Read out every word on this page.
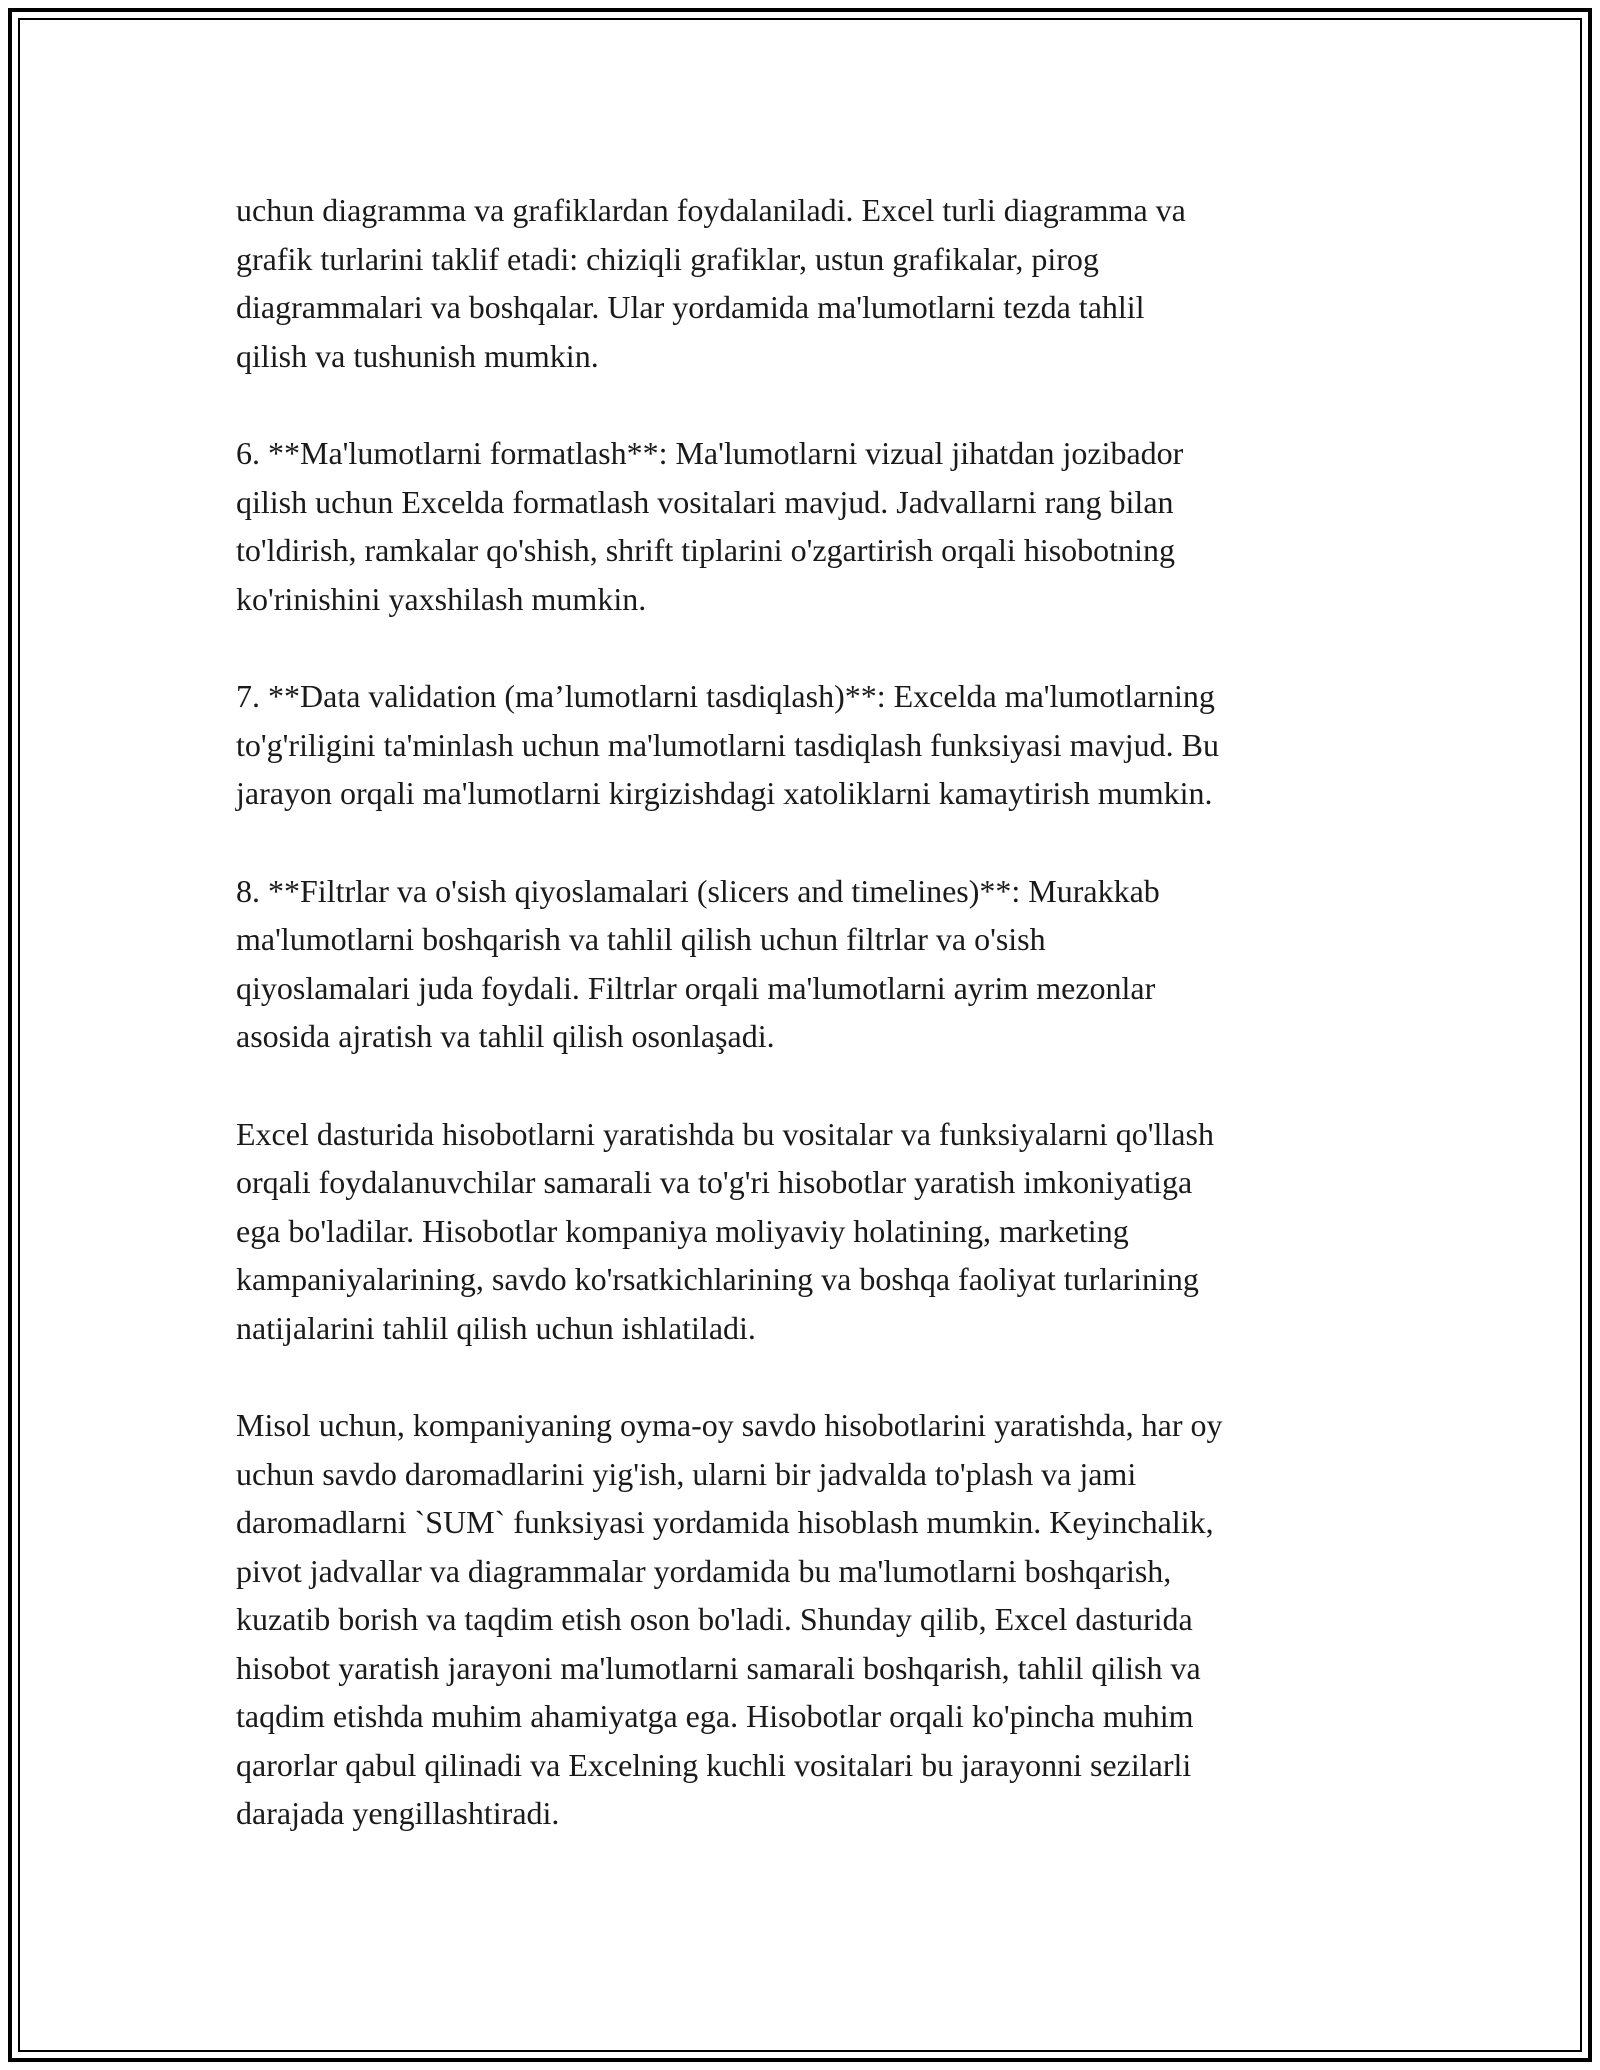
uchun diagramma va grafiklardan foydalaniladi. Excel turli diagramma va
grafik turlarini taklif etadi: chiziqli grafiklar, ustun grafikalar, pirog
diagrammalari va boshqalar. Ular yordamida ma'lumotlarni tezda tahlil
qilish va tushunish mumkin.

6. **Ma'lumotlarni formatlash**: Ma'lumotlarni vizual jihatdan jozibador
qilish uchun Excelda formatlash vositalari mavjud. Jadvallarni rang bilan
to'ldirish, ramkalar qo'shish, shrift tiplarini o'zgartirish orqali hisobotning
ko'rinishini yaxshilash mumkin.

7. **Data validation (ma’lumotlarni tasdiqlash)**: Excelda ma'lumotlarning
to'g'riligini ta'minlash uchun ma'lumotlarni tasdiqlash funksiyasi mavjud. Bu
jarayon orqali ma'lumotlarni kirgizishdagi xatoliklarni kamaytirish mumkin.

8. **Filtrlar va o'sish qiyoslamalari (slicers and timelines)**: Murakkab
ma'lumotlarni boshqarish va tahlil qilish uchun filtrlar va o'sish
qiyoslamalari juda foydali. Filtrlar orqali ma'lumotlarni ayrim mezonlar
asosida ajratish va tahlil qilish osonlaşadi.

Excel dasturida hisobotlarni yaratishda bu vositalar va funksiyalarni qo'llash
orqali foydalanuvchilar samarali va to'g'ri hisobotlar yaratish imkoniyatiga
ega bo'ladilar. Hisobotlar kompaniya moliyaviy holatining, marketing
kampaniyalarining, savdo ko'rsatkichlarining va boshqa faoliyat turlarining
natijalarini tahlil qilish uchun ishlatiladi.

Misol uchun, kompaniyaning oyma-oy savdo hisobotlarini yaratishda, har oy
uchun savdo daromadlarini yig'ish, ularni bir jadvalda to'plash va jami
daromadlarni `SUM` funksiyasi yordamida hisoblash mumkin. Keyinchalik,
pivot jadvallar va diagrammalar yordamida bu ma'lumotlarni boshqarish,
kuzatib borish va taqdim etish oson bo'ladi. Shunday qilib, Excel dasturida
hisobot yaratish jarayoni ma'lumotlarni samarali boshqarish, tahlil qilish va
taqdim etishda muhim ahamiyatga ega. Hisobotlar orqali ko'pincha muhim
qarorlar qabul qilinadi va Excelning kuchli vositalari bu jarayonni sezilarli
darajada yengillashtiradi.
